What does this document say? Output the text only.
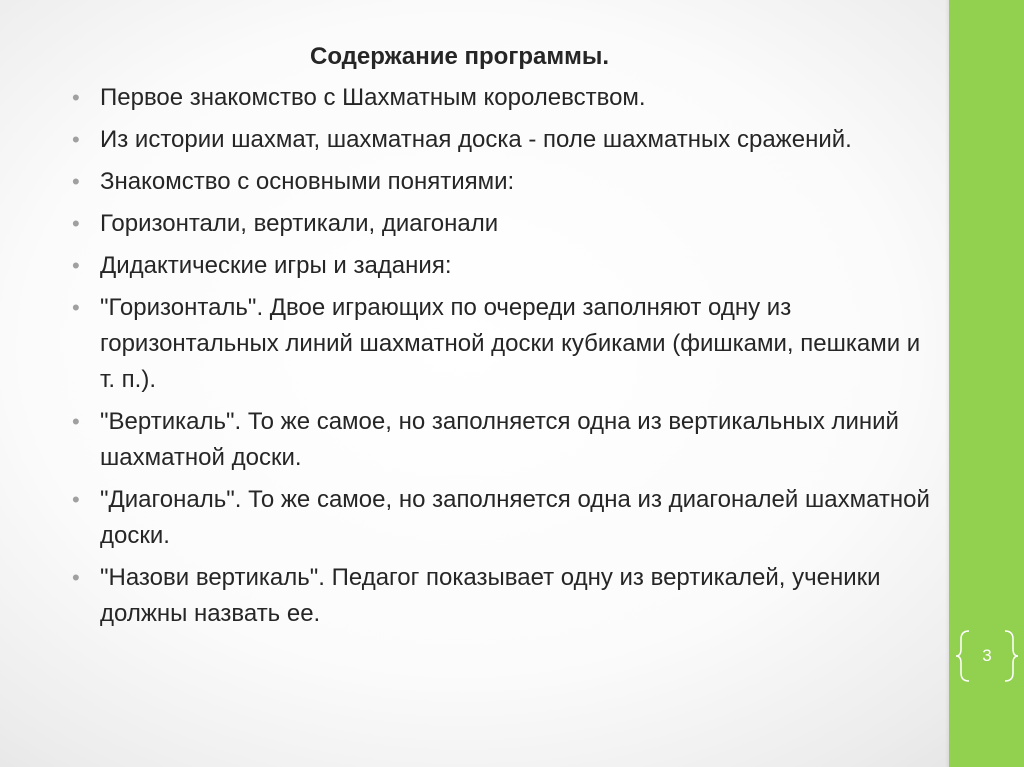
3
Содержание программы.
• Первое знакомство с Шахматным королевством.
• Из истории шахмат, шахматная доска - поле шахматных сражений.
• Знакомство с основными понятиями:
• Горизонтали, вертикали, диагонали
• Дидактические игры и задания:
• "Горизонталь". Двое играющих по очереди заполняют одну из горизонтальных линий шахматной доски кубиками (фишками, пешками и т. п.).
• "Вертикаль". То же самое, но заполняется одна из вертикальных линий шахматной доски.
• "Диагональ". То же самое, но заполняется одна из диагоналей шахматной доски.
• "Назови вертикаль". Педагог показывает одну из вертикалей, ученики должны назвать ее.
